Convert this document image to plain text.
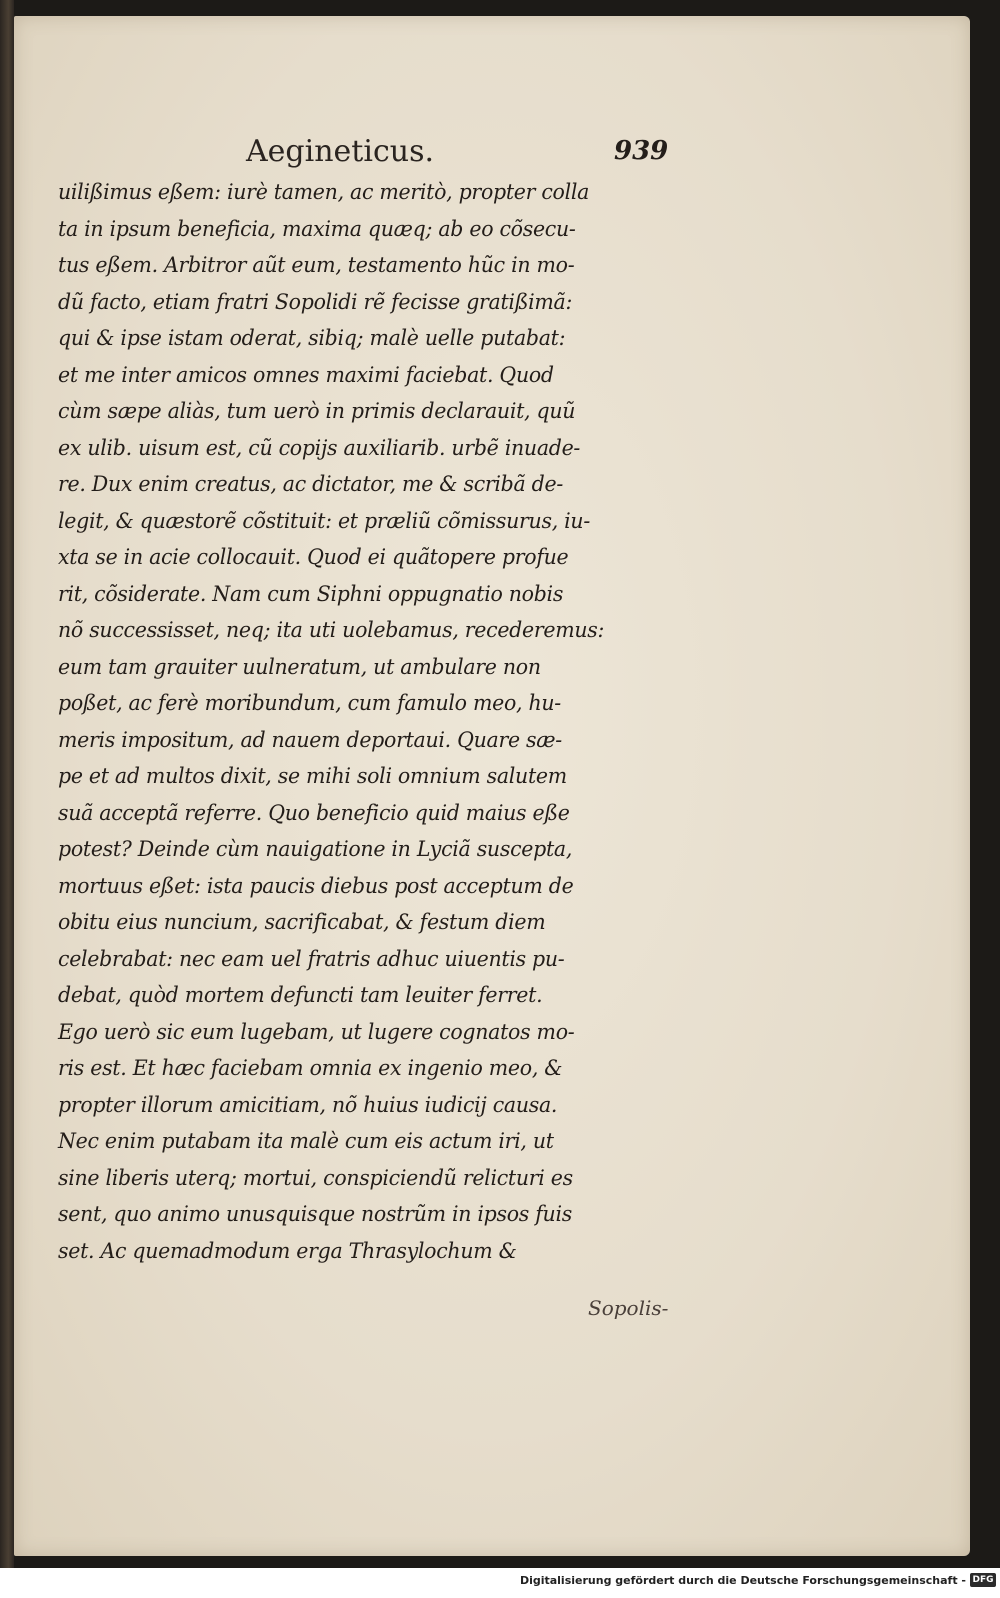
Aegineticus.	939
uilißimus eßem: iurè tamen, ac meritò, propter colla
ta in ipsum beneficia, maxima quæq; ab eo cõsecu-
tus eßem. Arbitror aũt eum, testamento hũc in mo-
dũ facto, etiam fratri Sopolidi rẽ fecisse gratißimã:
qui & ipse istam oderat, sibiq; malè uelle putabat:
et me inter amicos omnes maximi faciebat. Quod
cùm sæpe aliàs, tum uerò in primis declarauit, quũ
ex ulib. uisum est, cũ copijs auxiliarib. urbẽ inuade-
re. Dux enim creatus, ac dictator, me & scribã de-
legit, & quæstorẽ cõstituit: et præliũ cõmissurus, iu-
xta se in acie collocauit. Quod ei quãtopere profue
rit, cõsiderate. Nam cum Siphni oppugnatio nobis
nõ successisset, neq; ita uti uolebamus, recederemus:
eum tam grauiter uulneratum, ut ambulare non
poßet, ac ferè moribundum, cum famulo meo, hu-
meris impositum, ad nauem deportaui. Quare sæ-
pe et ad multos dixit, se mihi soli omnium salutem
suã acceptã referre. Quo beneficio quid maius eße
potest? Deinde cùm nauigatione in Lyciã suscepta,
mortuus eßet: ista paucis diebus post acceptum de
obitu eius nuncium, sacrificabat, & festum diem
celebrabat: nec eam uel fratris adhuc uiuentis pu-
debat, quòd mortem defuncti tam leuiter ferret.
Ego uerò sic eum lugebam, ut lugere cognatos mo-
ris est. Et hæc faciebam omnia ex ingenio meo, &
propter illorum amicitiam, nõ huius iudicij causa.
Nec enim putabam ita malè cum eis actum iri, ut
sine liberis uterq; mortui, conspiciendũ relicturi es
sent, quo animo unusquisque nostrũm in ipsos fuis
set. Ac quemadmodum erga Thrasylochum &
Sopolis-
Digitalisierung gefördert durch die Deutsche Forschungsgemeinschaft - DFG
